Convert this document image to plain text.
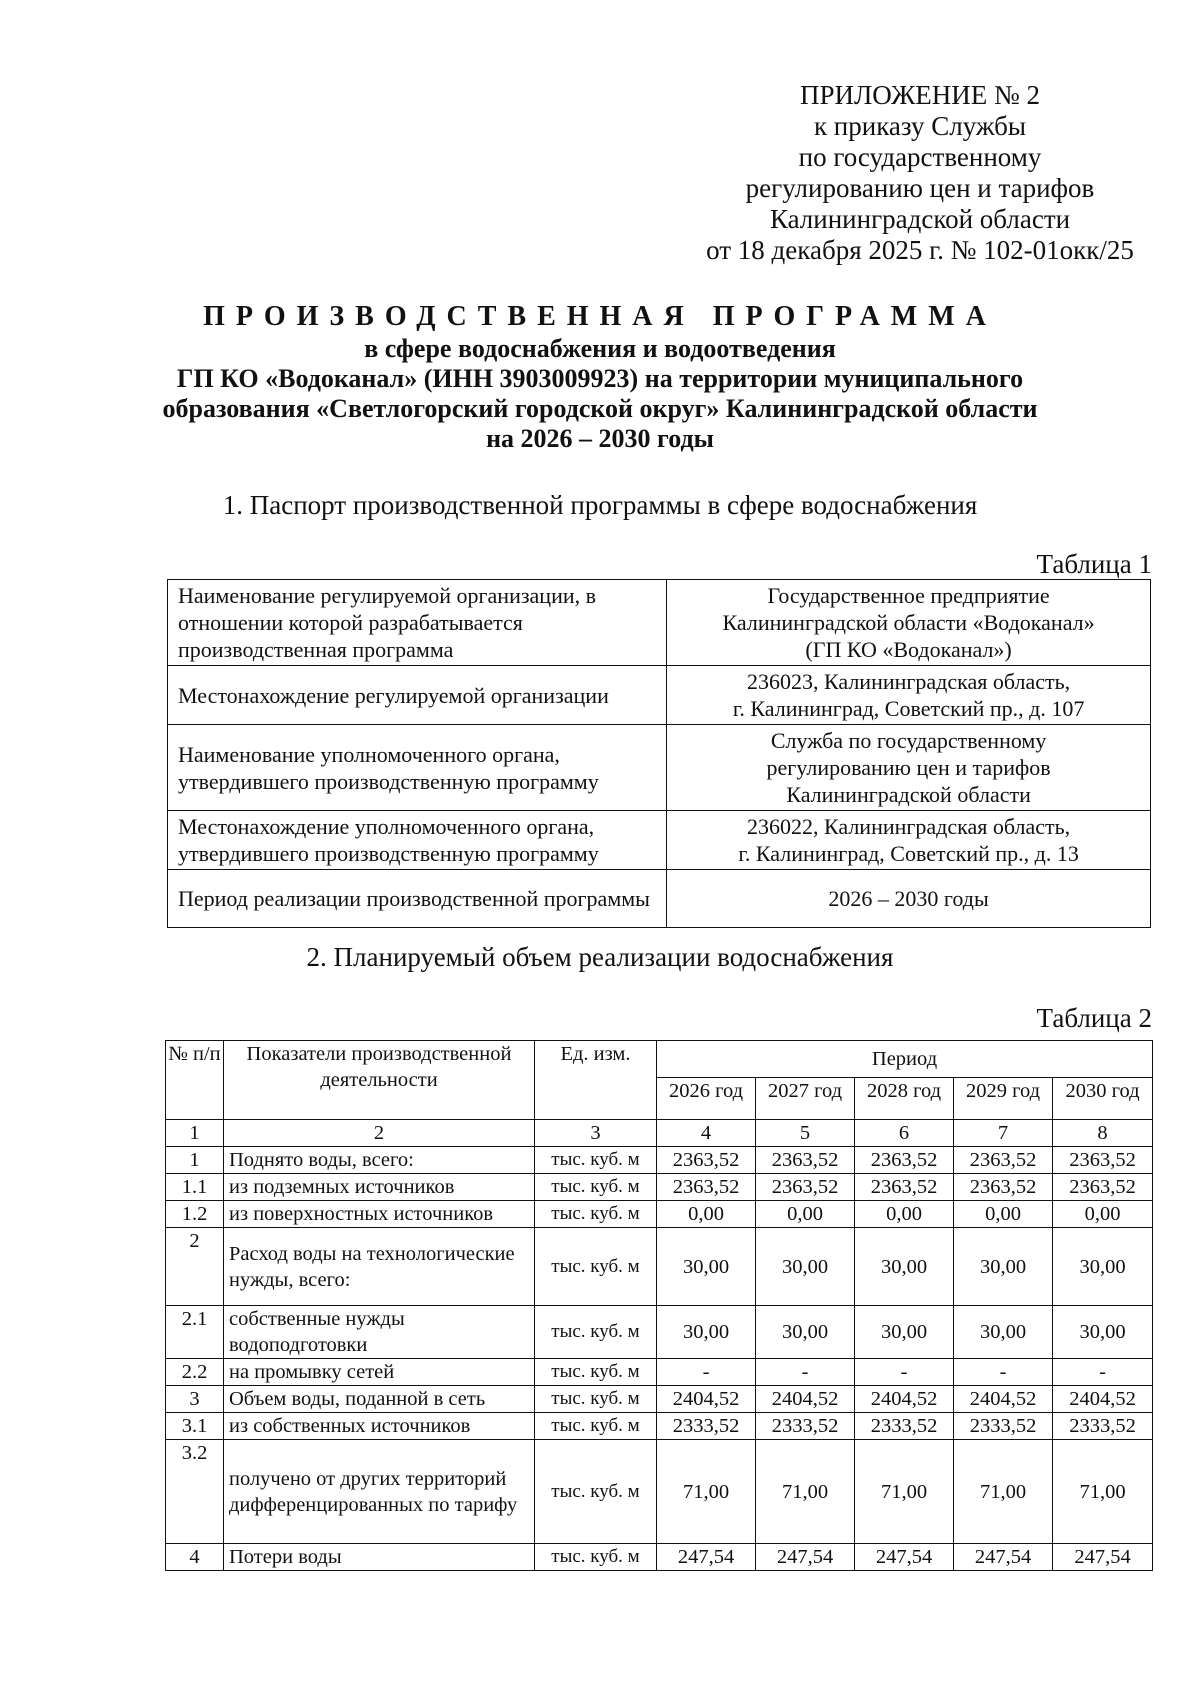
ПРИЛОЖЕНИЕ № 2
к приказу Службы
по государственному
регулированию цен и тарифов
Калининградской области
от 18 декабря 2025 г. № 102-01окк/25
ПРОИЗВОДСТВЕННАЯ ПРОГРАММА
в сфере водоснабжения и водоотведения
ГП КО «Водоканал» (ИНН 3903009923) на территории муниципального
образования «Светлогорский городской округ» Калининградской области
на 2026 – 2030 годы
1. Паспорт производственной программы в сфере водоснабжения
Таблица 1
Наименование регулируемой организации, в отношении которой разрабатывается производственная программа	Государственное предприятие
Калининградской области «Водоканал»
(ГП КО «Водоканал»)

Местонахождение регулируемой организации	236023, Калининградская область,
г. Калининград, Советский пр., д. 107

Наименование уполномоченного органа, утвердившего производственную программу	Служба по государственному
регулированию цен и тарифов
Калининградской области

Местонахождение уполномоченного органа, утвердившего производственную программу	236022, Калининградская область,
г. Калининград, Советский пр., д. 13

Период реализации производственной программы	2026 – 2030 годы
2. Планируемый объем реализации водоснабжения
Таблица 2
№ п/п	Показатели производственной деятельности	Ед. изм.	Период				
			2026 год	2027 год	2028 год	2029 год	2030 год
1	2	3	4	5	6	7	8
1	Поднято воды, всего:	тыс. куб. м	2363,52	2363,52	2363,52	2363,52	2363,52
1.1	из подземных источников	тыс. куб. м	2363,52	2363,52	2363,52	2363,52	2363,52
1.2	из поверхностных источников	тыс. куб. м	0,00	0,00	0,00	0,00	0,00
2	Расход воды на технологические нужды, всего:	тыс. куб. м	30,00	30,00	30,00	30,00	30,00
2.1	собственные нужды водоподготовки	тыс. куб. м	30,00	30,00	30,00	30,00	30,00
2.2	на промывку сетей	тыс. куб. м	-	-	-	-	-
3	Объем воды, поданной в сеть	тыс. куб. м	2404,52	2404,52	2404,52	2404,52	2404,52
3.1	из собственных источников	тыс. куб. м	2333,52	2333,52	2333,52	2333,52	2333,52
3.2	получено от других территорий дифференцированных по тарифу	тыс. куб. м	71,00	71,00	71,00	71,00	71,00
4	Потери воды	тыс. куб. м	247,54	247,54	247,54	247,54	247,54
